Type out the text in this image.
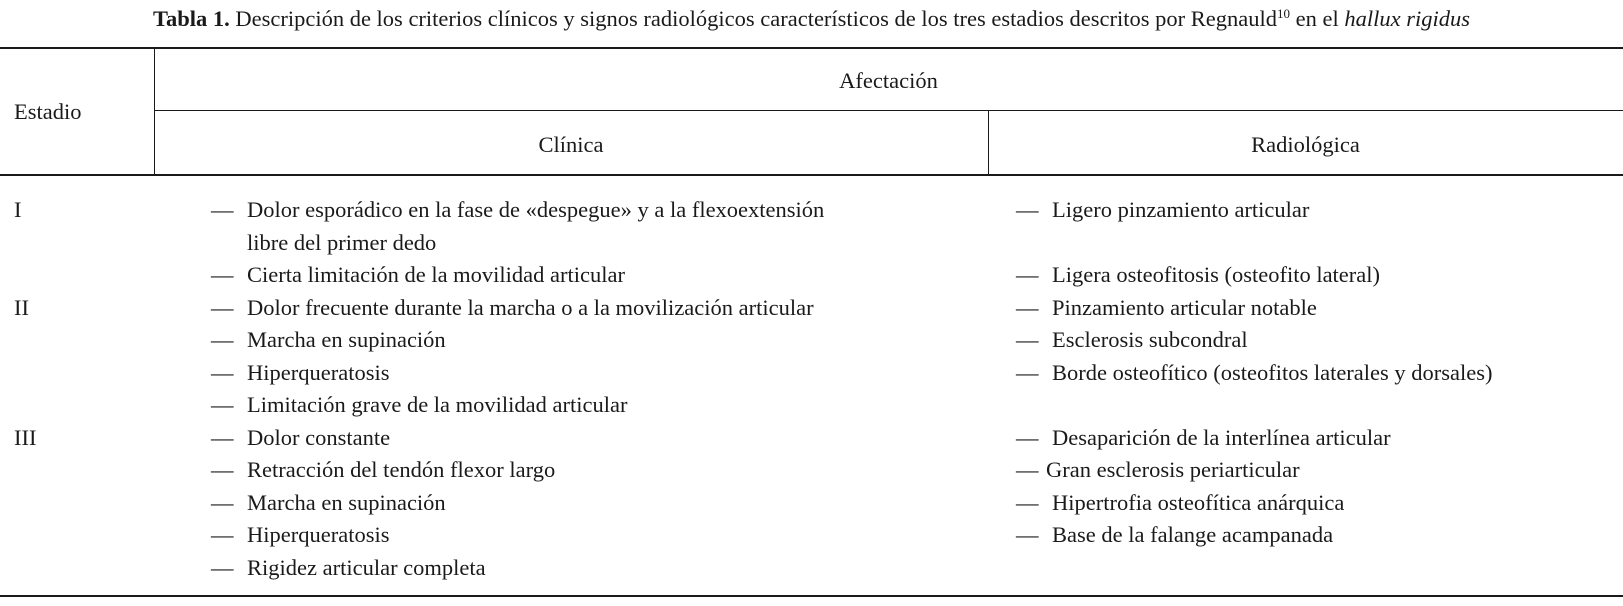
Tabla 1. Descripción de los criterios clínicos y signos radiológicos característicos de los tres estadios descritos por Regnauld$^{10}$ en el hallux rigidus
Estadio
Afectación
Clínica	Radiológica
I	— Dolor esporádico en la fase de «despegue» y a la flexoextensión	— Ligero pinzamiento articular
libre del primer dedo
— Cierta limitación de la movilidad articular	— Ligera osteofitosis (osteofito lateral)
II	— Dolor frecuente durante la marcha o a la movilización articular	— Pinzamiento articular notable
— Marcha en supinación	— Esclerosis subcondral
— Hiperqueratosis	— Borde osteofítico (osteofitos laterales y dorsales)
— Limitación grave de la movilidad articular
III	— Dolor constante	— Desaparición de la interlínea articular
— Retracción del tendón flexor largo	— Gran esclerosis periarticular
— Marcha en supinación	— Hipertrofia osteofítica anárquica
— Hiperqueratosis	— Base de la falange acampanada
— Rigidez articular completa
